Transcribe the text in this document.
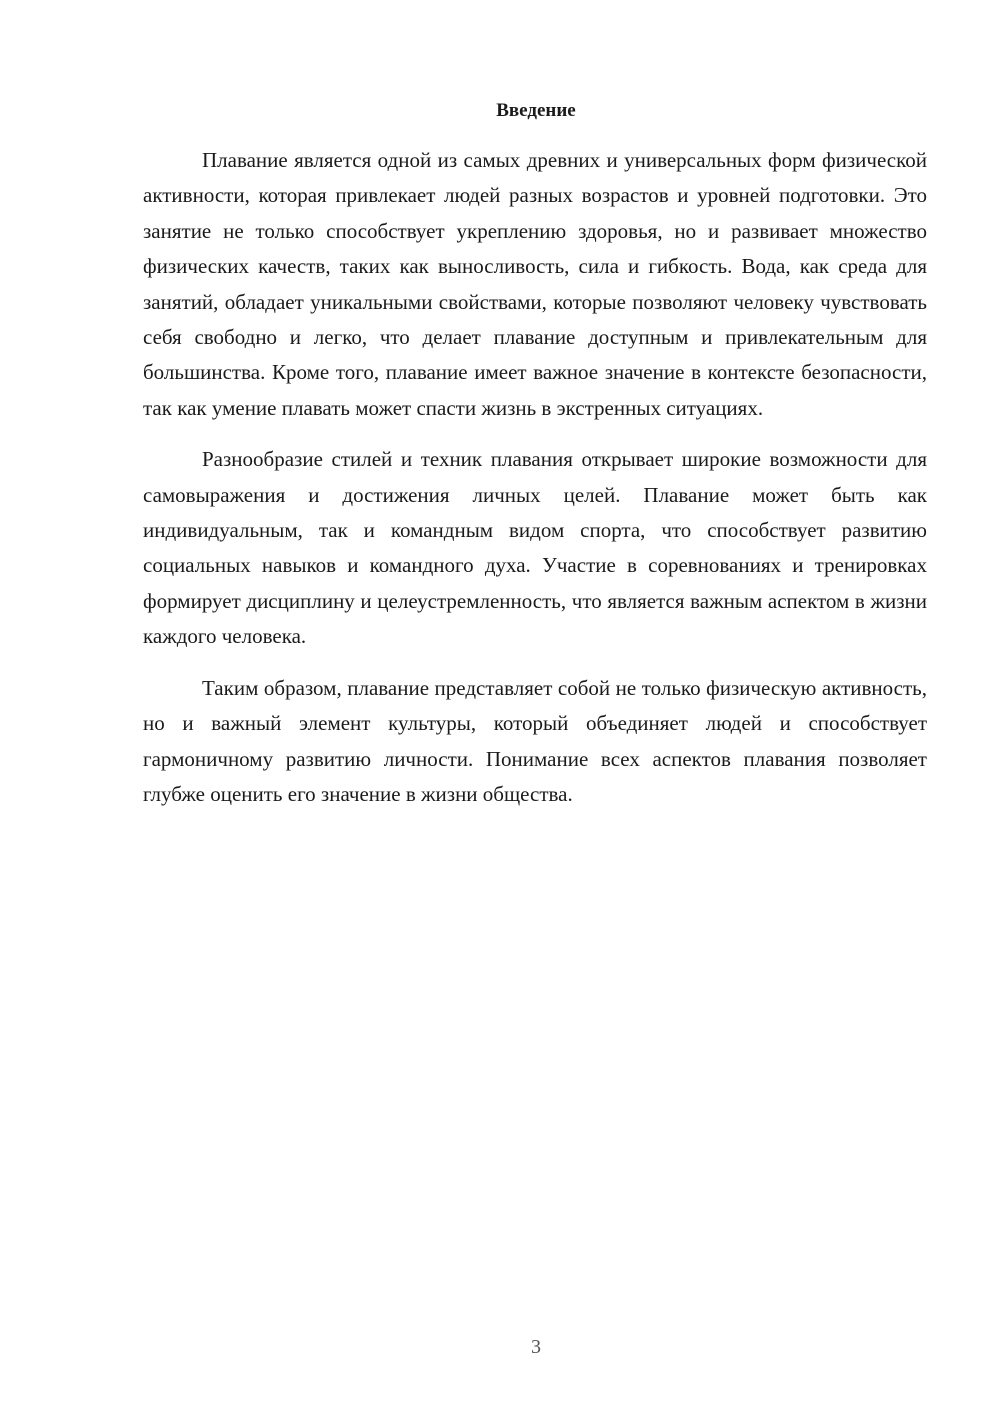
Введение

Плавание является одной из самых древних и универсальных форм физической активности, которая привлекает людей разных возрастов и уровней подготовки. Это занятие не только способствует укреплению здоровья, но и развивает множество физических качеств, таких как выносливость, сила и гибкость. Вода, как среда для занятий, обладает уникальными свойствами, которые позволяют человеку чувствовать себя свободно и легко, что делает плавание доступным и привлекательным для большинства. Кроме того, плавание имеет важное значение в контексте безопасности, так как умение плавать может спасти жизнь в экстренных ситуациях.

Разнообразие стилей и техник плавания открывает широкие возможности для самовыражения и достижения личных целей. Плавание может быть как индивидуальным, так и командным видом спорта, что способствует развитию социальных навыков и командного духа. Участие в соревнованиях и тренировках формирует дисциплину и целеустремленность, что является важным аспектом в жизни каждого человека.

Таким образом, плавание представляет собой не только физическую активность, но и важный элемент культуры, который объединяет людей и способствует гармоничному развитию личности. Понимание всех аспектов плавания позволяет глубже оценить его значение в жизни общества.

3
